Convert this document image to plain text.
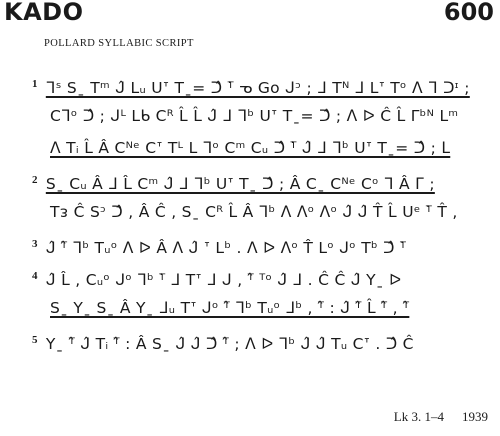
KADO	600
POLLARD SYLLABIC SCRIPT
$^1$ ᒣˢ Sˍ Tᵐ ᒍ̂ Lᵤ Uᐪ Tˍ= ᑐ̂ ᵀ̇ ᓀ Gᴏ ᒍᵓ ; ᒧ Tᴺ ᒧ Lᐪ Tᵒ ᐱ ᒣ ᑐᶦ ;
Cᒣᵒ ᑐ̂ ; ᒍᴸ Lᑲ Cᴿ L̂ L̂ ᒍ̂ ᒧ ᒣᵇ Uᐪ Tˍ= ᑐ̂ ; ᐱ ᐅ Ĉ L̂ Γᵇᴺ Lᵐ
ᐱ Tᵢ L̂ Â Cᴺᵉ Cᐪ Tᴸ L ᒣᵒ Cᵐ Cᵤ ᑐ̂ ᵀ̇ ᒍ̂ ᒧ ᒣᵇ Uᐪ Tˍ= ᑐ̂ ; ᒪ
$^2$ Sˍ Cᵤ Â ᒧ L̂ Cᵐ ᒍ̂ ᒧ ᒣᵇ Uᐪ Tˍ ᑐ̂ ; Â Cˍ Cᴺᵉ Cᵒ ᒣ Â ᒥ ;
Tᴈ Ĉ Sᵓ ᑐ̂ , Â Ĉ , Sˍ Cᴿ L̂ Â ᒣᵇ ᐱ ᐱᵒ ᐱᵒ ᒍ̂ ᒍ̂ T̂ L̂ Uᵉ ᵀ̇ T̂ ,
$^3$ ᒍ̂ ᵀ̂ ᒣᵇ Tᵤᵒ ᐱ ᐅ Â ᐱ ᒍ̂ ᐪ Lᵇ . ᐱ ᐅ ᐱᵒ T̂ Lᵒ ᒍᵒ Tᵇ ᑐ̂ ᵀ̇
$^4$ ᒍ̂ L̂ , Cᵤᵒ ᒍᵒ ᒣᵇ ᵀ̇ ᒧ Tᐪ ᒧ ᒍ , ᵀ̂ ᵀᵒ ᒍ̂ ᒧ . Ĉ Ĉ ᒍ̂ Yˍ ᐅ
Sˍ Yˍ Sˍ Â Yˍ ᒧᵤ Tᐪ ᒍᵒ ᵀ̂ ᒣᵇ Tᵤᵒ ᒧᵇ , ᵀ̂ : ᒍ̂ ᵀ̂ L̂ ᵀ̂ , ᵀ̂
$^5$ Yˍ ᵀ̂ ᒍ̂ Tᵢ ᵀ̂ : Â Sˍ ᒍ̂ ᒍ̂ ᑐ̂ ᵀ̂ ; ᐱ ᐅ ᒣᵇ ᒍ̂ ᒍ̂ Tᵤ Cᐪ . ᑐ̂ Ĉ
Lk 3. 1–4 1939
